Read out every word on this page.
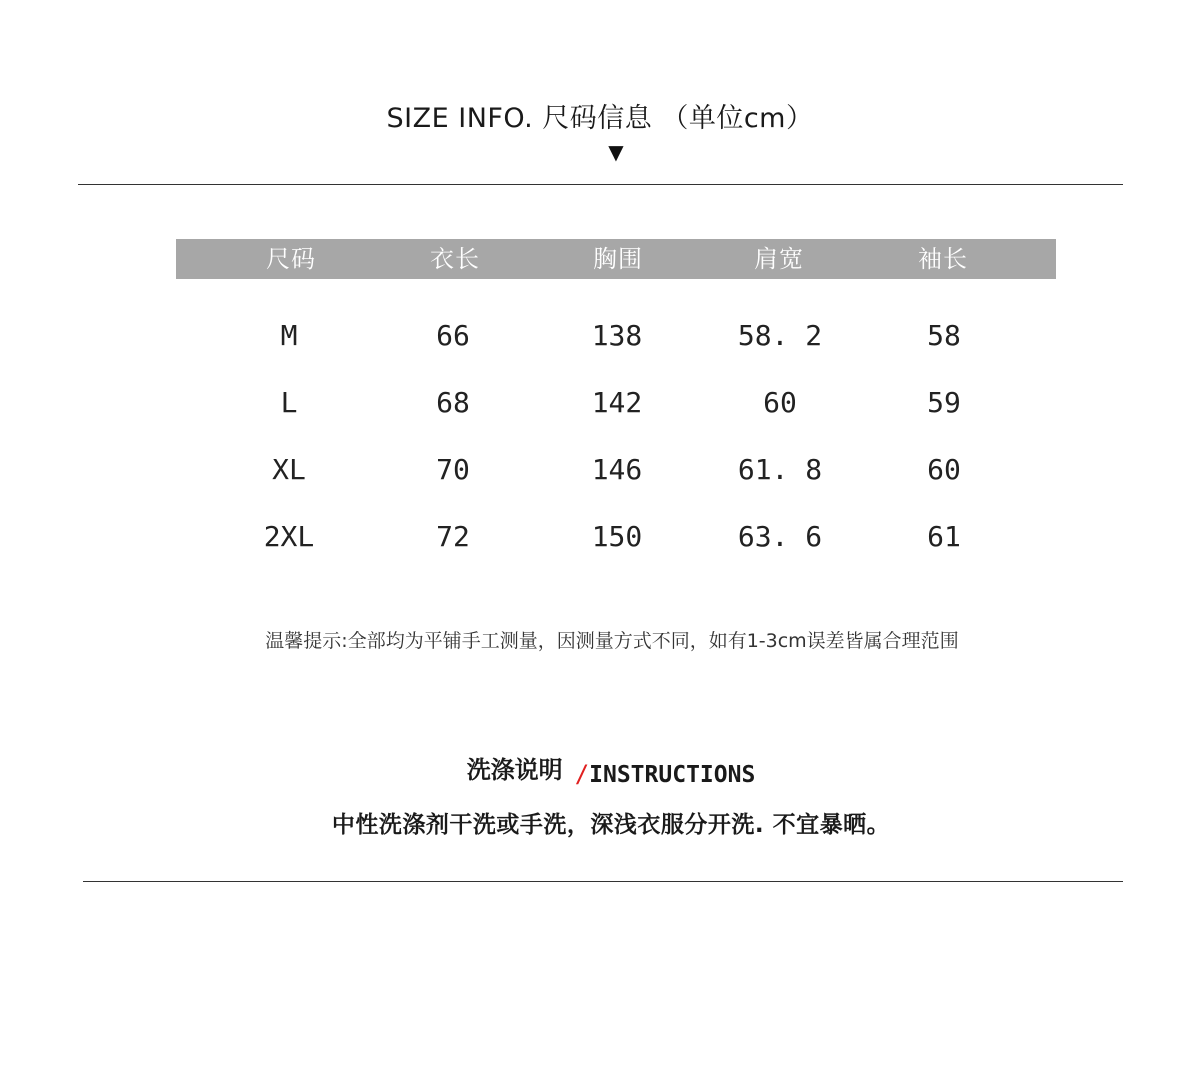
SIZE INFO. 尺码信息 （单位cm）
▼
尺码	衣长	胸围	肩宽	袖长
M	66	138	58. 2	58
L	68	142	60	59
XL	70	146	61. 8	60
2XL	72	150	63. 6	61
温馨提示:全部均为平铺手工测量，因测量方式不同，如有1-3cm误差皆属合理范围
洗涤说明 /INSTRUCTIONS
中性洗涤剂干洗或手洗，深浅衣服分开洗. 不宜暴晒。
